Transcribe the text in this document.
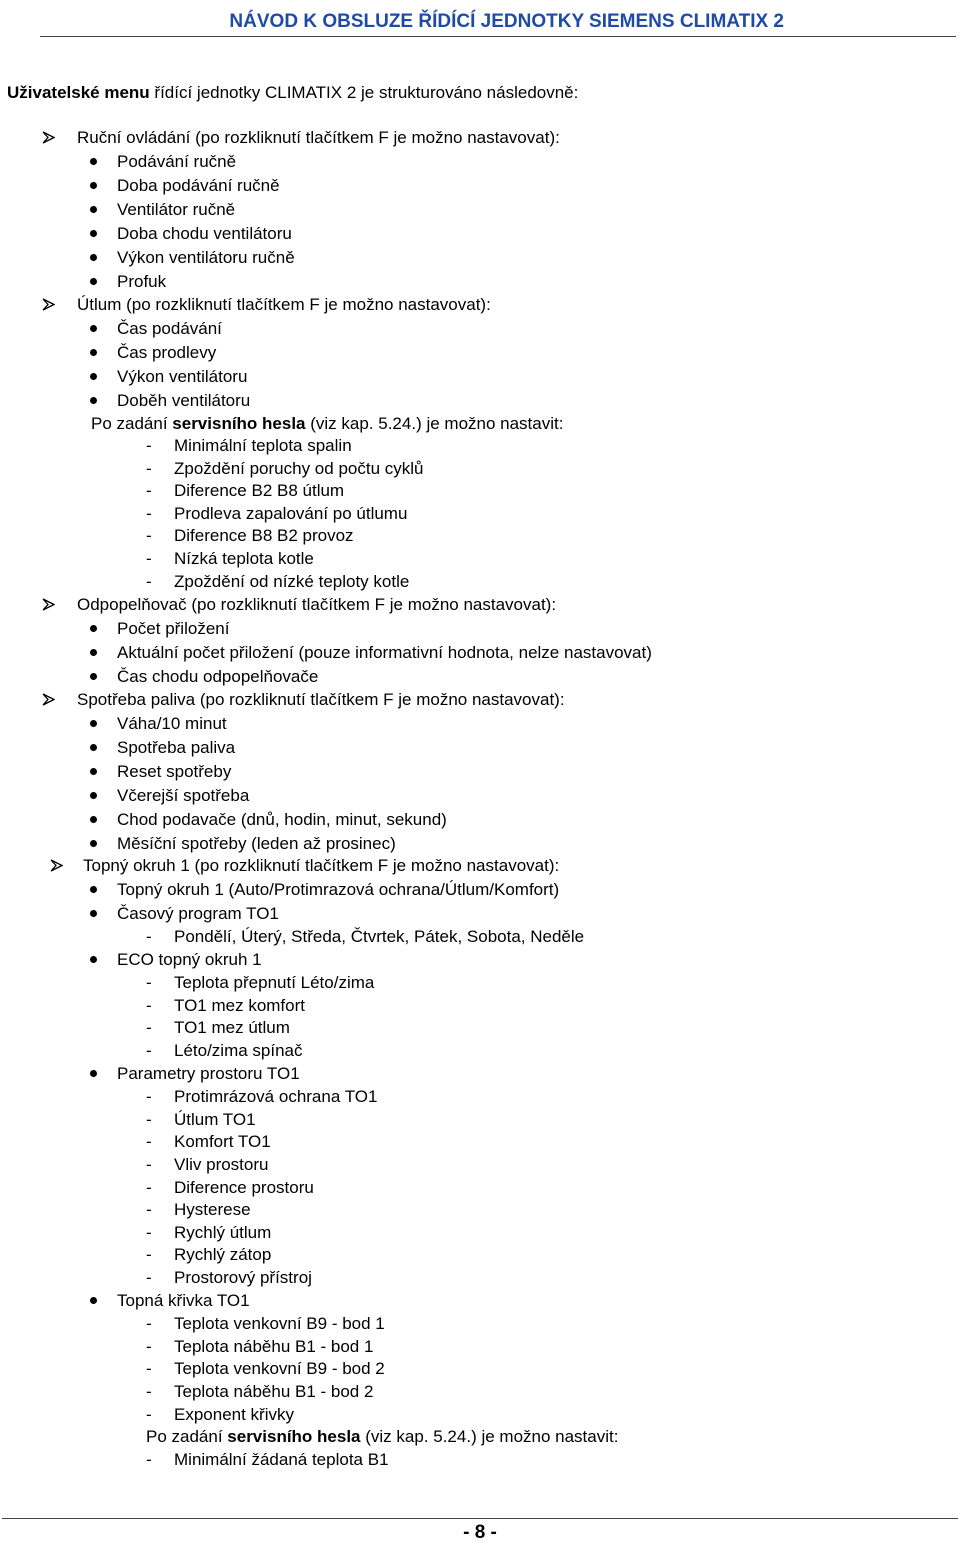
NÁVOD K OBSLUZE ŘÍDÍCÍ JEDNOTKY SIEMENS CLIMATIX 2
Uživatelské menu řídící jednotky CLIMATIX 2 je strukturováno následovně:
Ruční ovládání (po rozkliknutí tlačítkem F je možno nastavovat):
Podávání ručně
Doba podávání ručně
Ventilátor ručně
Doba chodu ventilátoru
Výkon ventilátoru ručně
Profuk
Útlum (po rozkliknutí tlačítkem F je možno nastavovat):
Čas podávání
Čas prodlevy
Výkon ventilátoru
Doběh ventilátoru
Po zadání servisního hesla (viz kap. 5.24.) je možno nastavit:
- Minimální teplota spalin
- Zpoždění poruchy od počtu cyklů
- Diference B2 B8 útlum
- Prodleva zapalování po útlumu
- Diference B8 B2 provoz
- Nízká teplota kotle
- Zpoždění od nízké teploty kotle
Odpopelňovač (po rozkliknutí tlačítkem F je možno nastavovat):
Počet přiložení
Aktuální počet přiložení (pouze informativní hodnota, nelze nastavovat)
Čas chodu odpopelňovače
Spotřeba paliva (po rozkliknutí tlačítkem F je možno nastavovat):
Váha/10 minut
Spotřeba paliva
Reset spotřeby
Včerejší spotřeba
Chod podavače (dnů, hodin, minut, sekund)
Měsíční spotřeby (leden až prosinec)
Topný okruh 1 (po rozkliknutí tlačítkem F je možno nastavovat):
Topný okruh 1 (Auto/Protimrazová ochrana/Útlum/Komfort)
Časový program TO1
- Pondělí, Úterý, Středa, Čtvrtek, Pátek, Sobota, Neděle
ECO topný okruh 1
- Teplota přepnutí Léto/zima
- TO1 mez komfort
- TO1 mez útlum
- Léto/zima spínač
Parametry prostoru TO1
- Protimrázová ochrana TO1
- Útlum TO1
- Komfort TO1
- Vliv prostoru
- Diference prostoru
- Hysterese
- Rychlý útlum
- Rychlý zátop
- Prostorový přístroj
Topná křivka TO1
- Teplota venkovní B9 - bod 1
- Teplota náběhu B1 - bod 1
- Teplota venkovní B9 - bod 2
- Teplota náběhu B1 - bod 2
- Exponent křivky
Po zadání servisního hesla (viz kap. 5.24.) je možno nastavit:
- Minimální žádaná teplota B1
- 8 -
